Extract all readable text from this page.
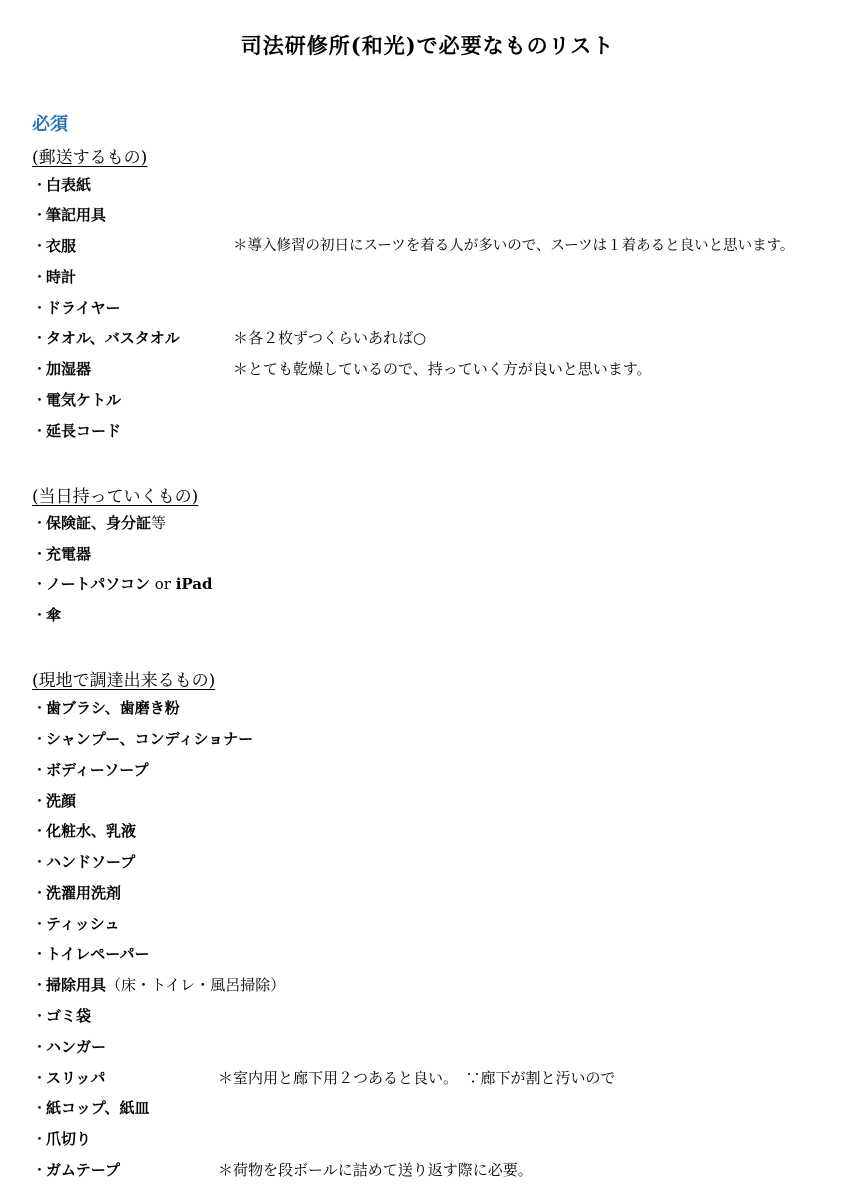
司法研修所(和光)で必要なものリスト
必須
(郵送するもの)
・白表紙
・筆記用具
・衣服	＊導入修習の初日にスーツを着る人が多いので、スーツは１着あると良いと思います。
・時計
・ドライヤー
・タオル、バスタオル	＊各２枚ずつくらいあれば○
・加湿器	＊とても乾燥しているので、持っていく方が良いと思います。
・電気ケトル
・延長コード
(当日持っていくもの)
・保険証、身分証等
・充電器
・ノートパソコン or iPad
・傘
(現地で調達出来るもの)
・歯ブラシ、歯磨き粉
・シャンプー、コンディショナー
・ボディーソープ
・洗顔
・化粧水、乳液
・ハンドソープ
・洗濯用洗剤
・ティッシュ
・トイレペーパー
・掃除用具（床・トイレ・風呂掃除）
・ゴミ袋
・ハンガー
・スリッパ	＊室内用と廊下用２つあると良い。　∵廊下が割と汚いので
・紙コップ、紙皿
・爪切り
・ガムテープ	＊荷物を段ボールに詰めて送り返す際に必要。
